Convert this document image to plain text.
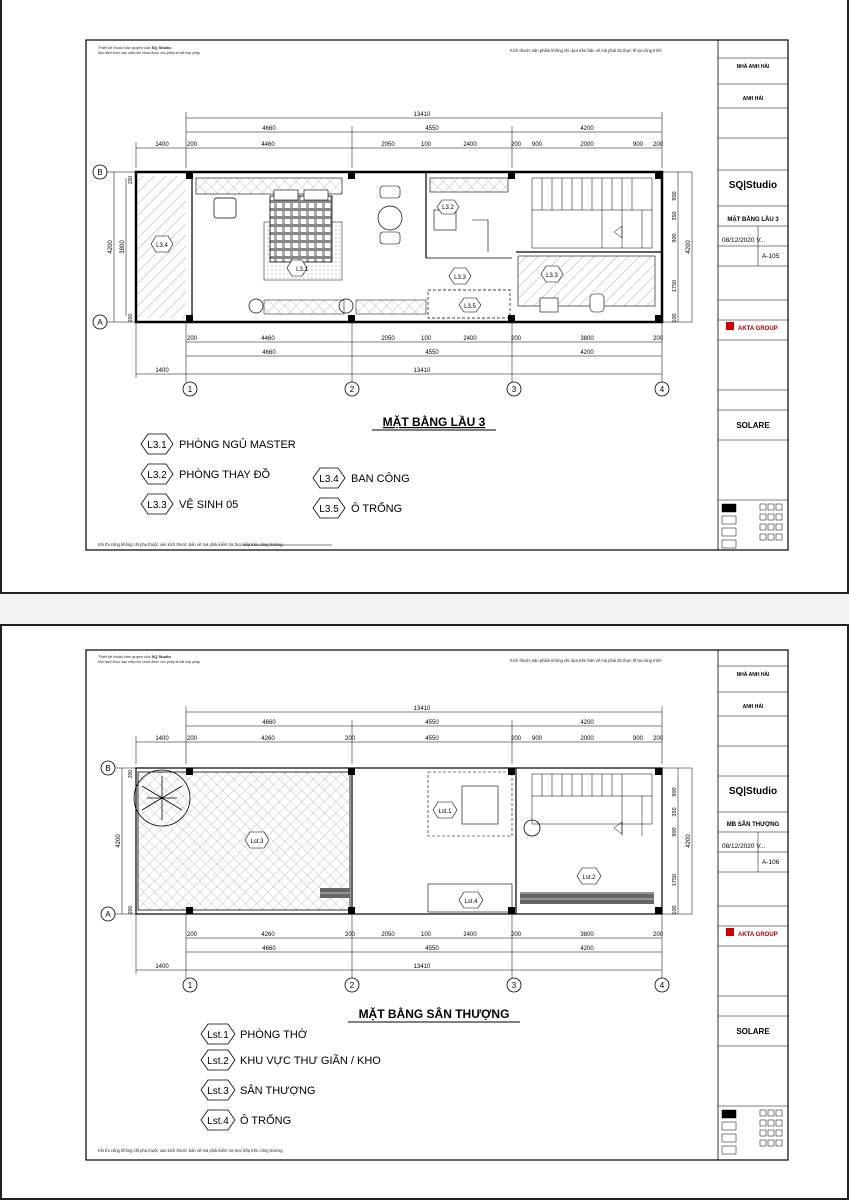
Thiết kế thuộc bản quyền của SQ Studio
Mọi hành thức sao chép khi chưa được cho phép là bất hợp pháp	Kích thước sản phẩm không chỉ dựa trên bản vẽ mà phải đo thực tế tại công trình
Khi thi công không chỉ phụ thuộc vào kích thước bản vẽ mà phải kiểm tra trực tiếp trên công trường
13410
4660	4550	4200
1400	200	4460	2050	100	2400	200 900	2000	900 200
B
A
4200 3800
200
200
900
350
900
1750
100
4200
L3.1
L3.2
L3.3
L3.4
L3.5
L3.3
200	4460	2050	100	2400	200	3800	200
4660	4550	4200
1400	13410
1	2	3	4
MẶT BẰNG LẦU 3
L3.1 PHÒNG NGỦ MASTER
L3.2 PHÒNG THAY ĐỒ
L3.3 VỆ SINH 05
L3.4 BAN CÔNG
L3.5 Ô TRỐNG
NHÀ ANH HẢI
ANH HẢI
SQ|Studio
MẶT BẰNG LẦU 3
08/12/2020 V...
A-105
AKTA GROUP
SOLARE
Thiết kế thuộc bản quyền của SQ Studio
Mọi hành thức sao chép khi chưa được cho phép là bất hợp pháp	Kích thước sản phẩm không chỉ dựa trên bản vẽ mà phải đo thực tế tại công trình
Khi thi công không chỉ phụ thuộc vào kích thước bản vẽ mà phải kiểm tra trực tiếp trên công trường
13410
4660	4550	4200
1400	200	4260	200	4550	200 900	2000	900 200
B
A
4200
200
200
900
350
900
1750
100
4200
Lst.1
Lst.2
Lst.3
Lst.4
200	4260	200	2050	100	2400	200	3800	200
4660	4550	4200
1400	13410
1	2	3	4
MẶT BẰNG SÂN THƯỢNG
Lst.1 PHÒNG THỜ
Lst.2 KHU VỰC THƯ GIÃN / KHO
Lst.3 SÂN THƯỢNG
Lst.4 Ô TRỐNG
NHÀ ANH HẢI
ANH HẢI
SQ|Studio
MB SÂN THƯỢNG
08/12/2020 V...
A-106
AKTA GROUP
SOLARE
